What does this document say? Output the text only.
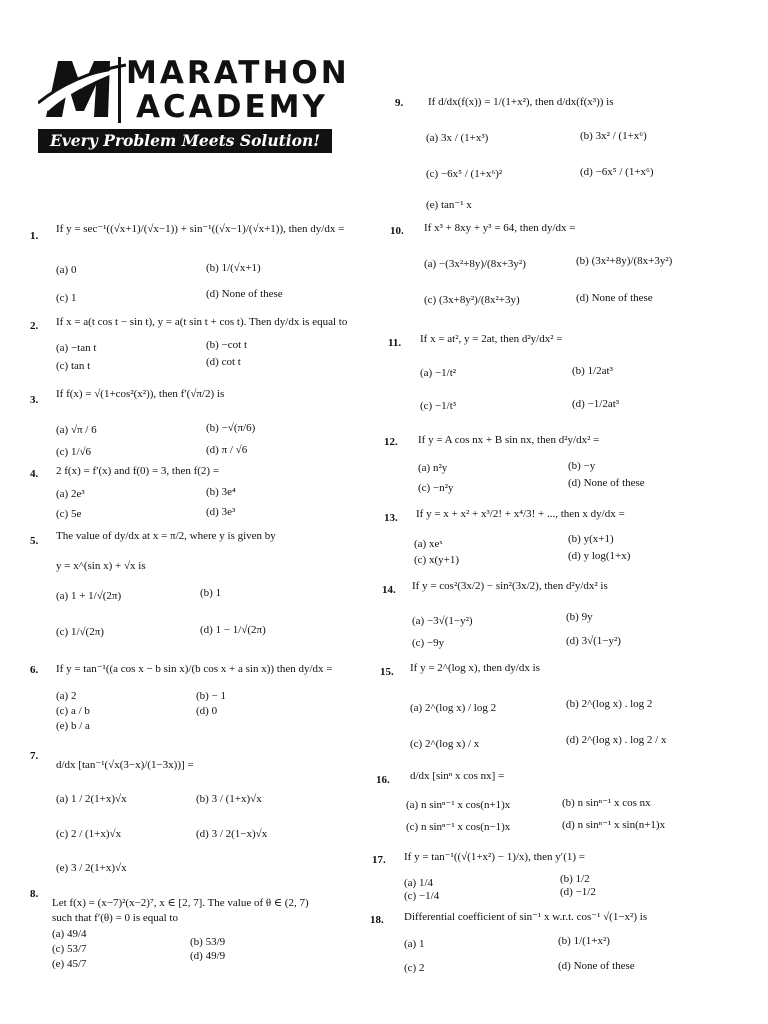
MARATHON
ACADEMY
Every Problem Meets Solution!
1.
If y = sec⁻¹((√x+1)/(√x−1)) + sin⁻¹((√x−1)/(√x+1)), then dy/dx =
(a) 0	(b) 1/(√x+1)
(c) 1	(d) None of these
2. If x = a(t cos t − sin t), y = a(t sin t + cos t). Then dy/dx is equal to
(a) −tan t	(b) −cot t
(c) tan t	(d) cot t
3. If f(x) = √(1+cos²(x²)), then f′(√π/2) is
(a) √π / 6	(b) −√(π/6)
(c) 1/√6	(d) π / √6
4. 2 f(x) = f′(x) and f(0) = 3, then f(2) =
(a) 2e³	(b) 3e⁴
(c) 5e	(d) 3e³
5. The value of dy/dx at x = π/2, where y is given by
y = x^(sin x) + √x is
(a) 1 + 1/√(2π)	(b) 1
(c) 1/√(2π)	(d) 1 − 1/√(2π)
6. If y = tan⁻¹((a cos x − b sin x)/(b cos x + a sin x)) then dy/dx =
(a) 2	(b) − 1
(c) a / b	(d) 0
(e) b / a
7.
d/dx [tan⁻¹(√x(3−x)/(1−3x))] =
(a) 1 / 2(1+x)√x	(b) 3 / (1+x)√x
(c) 2 / (1+x)√x	(d) 3 / 2(1−x)√x
(e) 3 / 2(1+x)√x
8.
Let f(x) = (x−7)²(x−2)⁷, x ∈ [2, 7]. The value of θ ∈ (2, 7)
such that f′(θ) = 0 is equal to
(a) 49/4
(b) 53/9
(c) 53/7
(d) 49/9
(e) 45/7
9. If d/dx(f(x)) = 1/(1+x²), then d/dx(f(x³)) is
(a) 3x / (1+x³)	(b) 3x² / (1+x⁶)
(c) −6x⁵ / (1+x⁶)²	(d) −6x⁵ / (1+x⁶)
(e) tan⁻¹ x
10. If x³ + 8xy + y³ = 64, then dy/dx =
(a) −(3x²+8y)/(8x+3y²)	(b) (3x²+8y)/(8x+3y²)
(c) (3x+8y²)/(8x²+3y)	(d) None of these
11. If x = at², y = 2at, then d²y/dx² =
(a) −1/t²	(b) 1/2at³
(c) −1/t³	(d) −1/2at³
12. If y = A cos nx + B sin nx, then d²y/dx² =
(a) n²y	(b) −y
(c) −n²y	(d) None of these
13. If y = x + x² + x³/2! + x⁴/3! + ..., then x dy/dx =
(a) xeˣ	(b) y(x+1)
(c) x(y+1)	(d) y log(1+x)
14. If y = cos²(3x/2) − sin²(3x/2), then d²y/dx² is
(a) −3√(1−y²)	(b) 9y
(c) −9y	(d) 3√(1−y²)
15. If y = 2^(log x), then dy/dx is
(a) 2^(log x) / log 2	(b) 2^(log x) . log 2
(c) 2^(log x) / x	(d) 2^(log x) . log 2 / x
16. d/dx [sinⁿ x cos nx] =
(a) n sinⁿ⁻¹ x cos(n+1)x	(b) n sinⁿ⁻¹ x cos nx
(c) n sinⁿ⁻¹ x cos(n−1)x	(d) n sinⁿ⁻¹ x sin(n+1)x
17. If y = tan⁻¹((√(1+x²) − 1)/x), then y′(1) =
(a) 1/4	(b) 1/2
(c) −1/4	(d) −1/2
18. Differential coefficient of sin⁻¹ x w.r.t. cos⁻¹ √(1−x²) is
(a) 1	(b) 1/(1+x²)
(c) 2	(d) None of these
